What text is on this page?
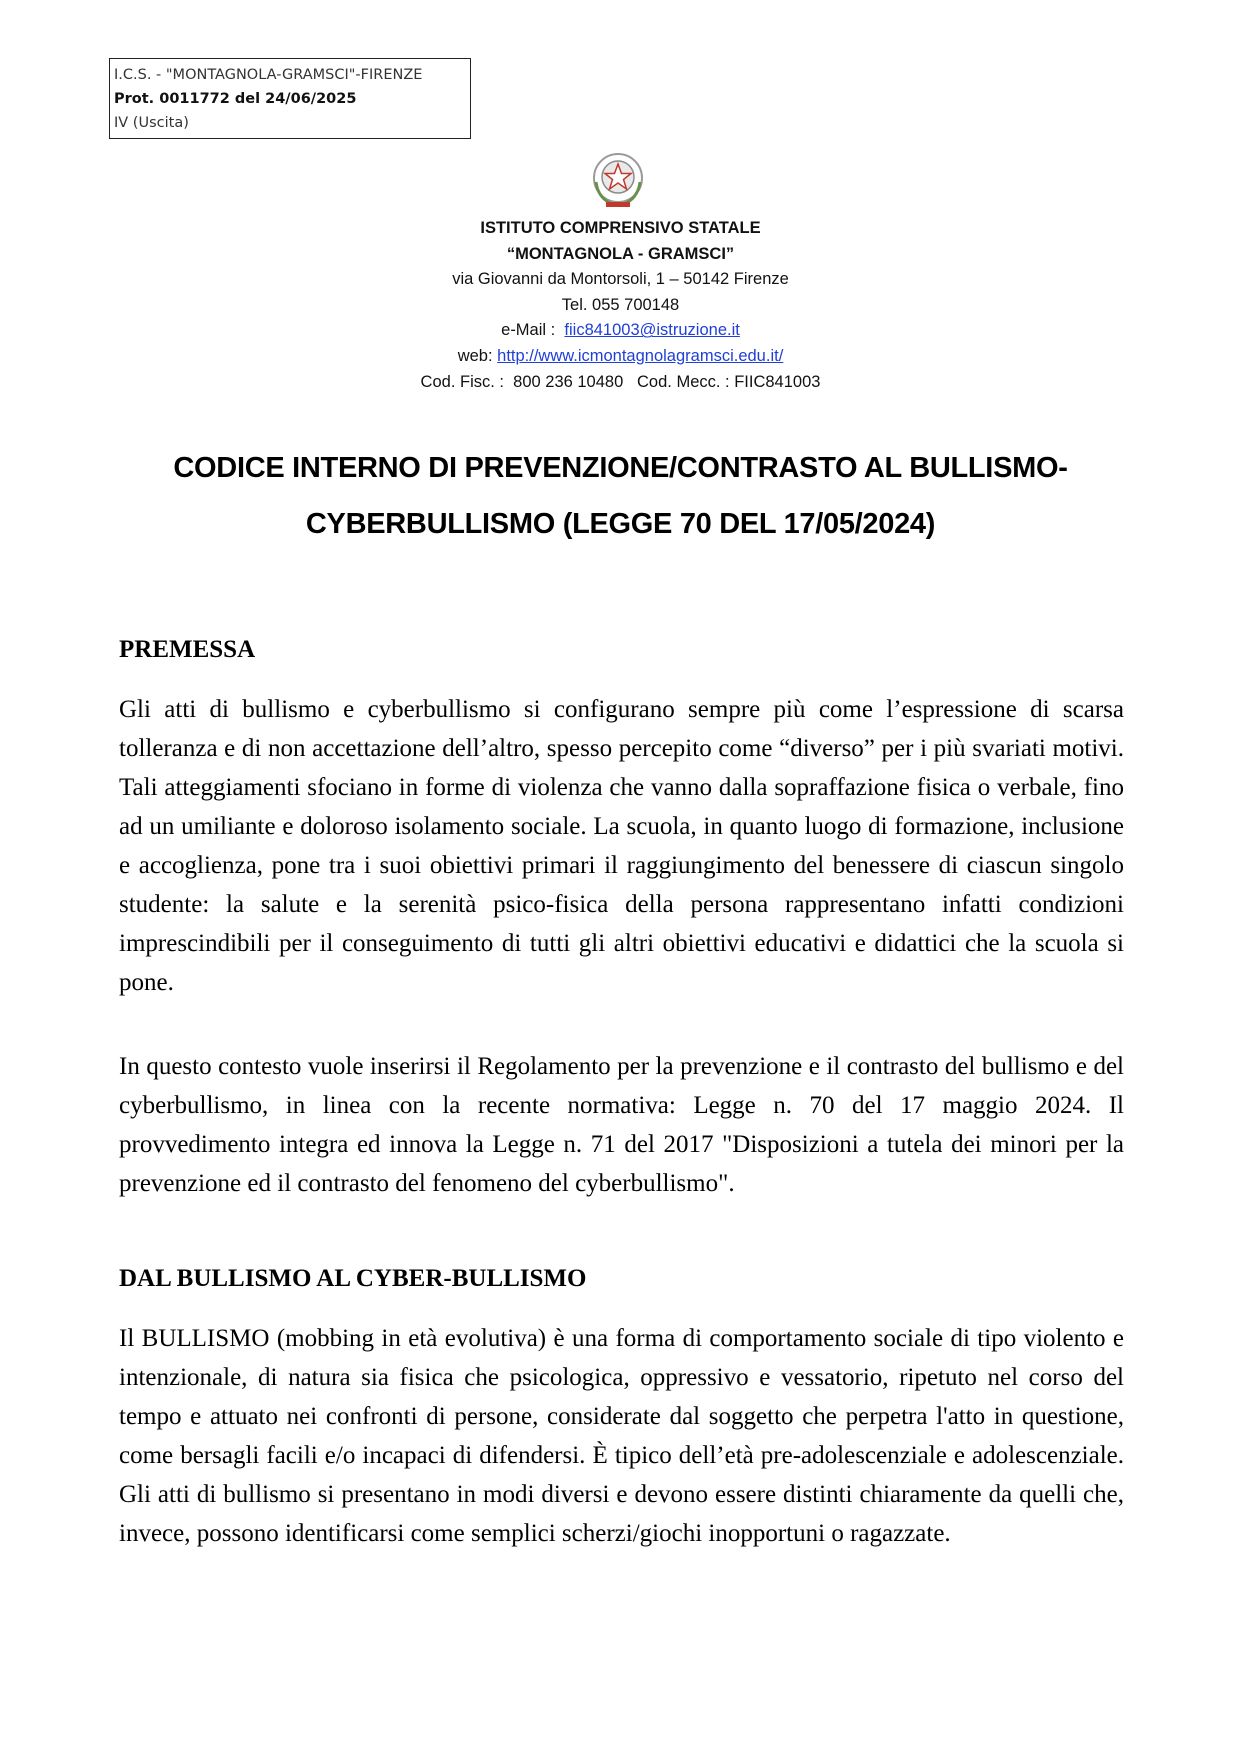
I.C.S. - "MONTAGNOLA-GRAMSCI"-FIRENZE
Prot. 0011772 del 24/06/2025
IV (Uscita)
ISTITUTO COMPRENSIVO STATALE
“MONTAGNOLA - GRAMSCI”
via Giovanni da Montorsoli, 1 – 50142 Firenze
Tel. 055 700148
e-Mail :  fiic841003@istruzione.it
web: http://www.icmontagnolagramsci.edu.it/
Cod. Fisc. :  800 236 10480   Cod. Mecc. : FIIC841003
CODICE INTERNO DI PREVENZIONE/CONTRASTO AL BULLISMO-
CYBERBULLISMO (LEGGE 70 DEL 17/05/2024)
PREMESSA
Gli atti di bullismo e cyberbullismo si configurano sempre più come l’espressione di scarsa tolleranza e di non accettazione dell’altro, spesso percepito come “diverso” per i più svariati motivi. Tali atteggiamenti sfociano in forme di violenza che vanno dalla sopraffazione fisica o verbale, fino ad un umiliante e doloroso isolamento sociale. La scuola, in quanto luogo di formazione, inclusione e accoglienza, pone tra i suoi obiettivi primari il raggiungimento del benessere di ciascun singolo studente: la salute e la serenità psico-fisica della persona rappresentano infatti condizioni imprescindibili per il conseguimento di tutti gli altri obiettivi educativi e didattici che la scuola si pone.
In questo contesto vuole inserirsi il Regolamento per la prevenzione e il contrasto del bullismo e del cyberbullismo, in linea con la recente normativa: Legge n. 70 del 17 maggio 2024. Il provvedimento integra ed innova la Legge n. 71 del 2017 "Disposizioni a tutela dei minori per la prevenzione ed il contrasto del fenomeno del cyberbullismo".
DAL BULLISMO AL CYBER-BULLISMO
Il BULLISMO (mobbing in età evolutiva) è una forma di comportamento sociale di tipo violento e intenzionale, di natura sia fisica che psicologica, oppressivo e vessatorio, ripetuto nel corso del tempo e attuato nei confronti di persone, considerate dal soggetto che perpetra l'atto in questione, come bersagli facili e/o incapaci di difendersi. È tipico dell’età pre-adolescenziale e adolescenziale. Gli atti di bullismo si presentano in modi diversi e devono essere distinti chiaramente da quelli che, invece, possono identificarsi come semplici scherzi/giochi inopportuni o ragazzate.
